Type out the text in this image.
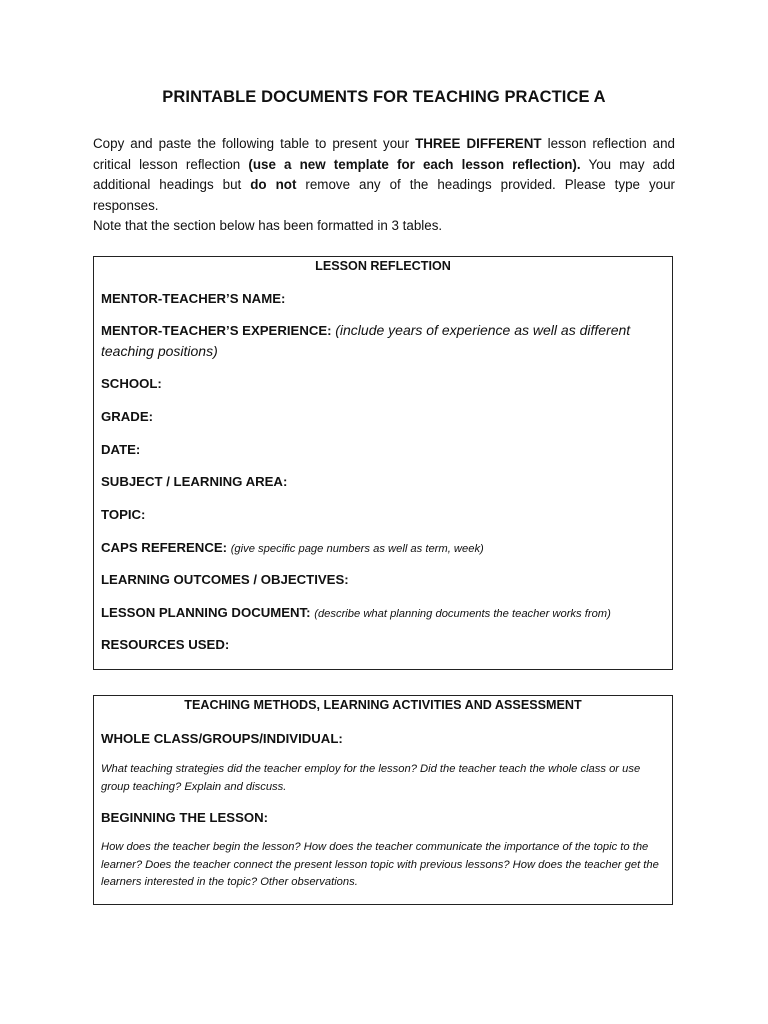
PRINTABLE DOCUMENTS FOR TEACHING PRACTICE A

Copy and paste the following table to present your THREE DIFFERENT lesson reflection and critical lesson reflection (use a new template for each lesson reflection). You may add additional headings but do not remove any of the headings provided. Please type your responses.

Note that the section below has been formatted in 3 tables.

LESSON REFLECTION
MENTOR-TEACHER’S NAME:
MENTOR-TEACHER’S EXPERIENCE: (include years of experience as well as different teaching positions)
SCHOOL:
GRADE:
DATE:
SUBJECT / LEARNING AREA:
TOPIC:
CAPS REFERENCE: (give specific page numbers as well as term, week)
LEARNING OUTCOMES / OBJECTIVES:
LESSON PLANNING DOCUMENT: (describe what planning documents the teacher works from)
RESOURCES USED:
TEACHING METHODS, LEARNING ACTIVITIES AND ASSESSMENT
WHOLE CLASS/GROUPS/INDIVIDUAL:
What teaching strategies did the teacher employ for the lesson? Did the teacher teach the whole class or use group teaching? Explain and discuss.
BEGINNING THE LESSON:
How does the teacher begin the lesson? How does the teacher communicate the importance of the topic to the learner? Does the teacher connect the present lesson topic with previous lessons? How does the teacher get the learners interested in the topic? Other observations.
